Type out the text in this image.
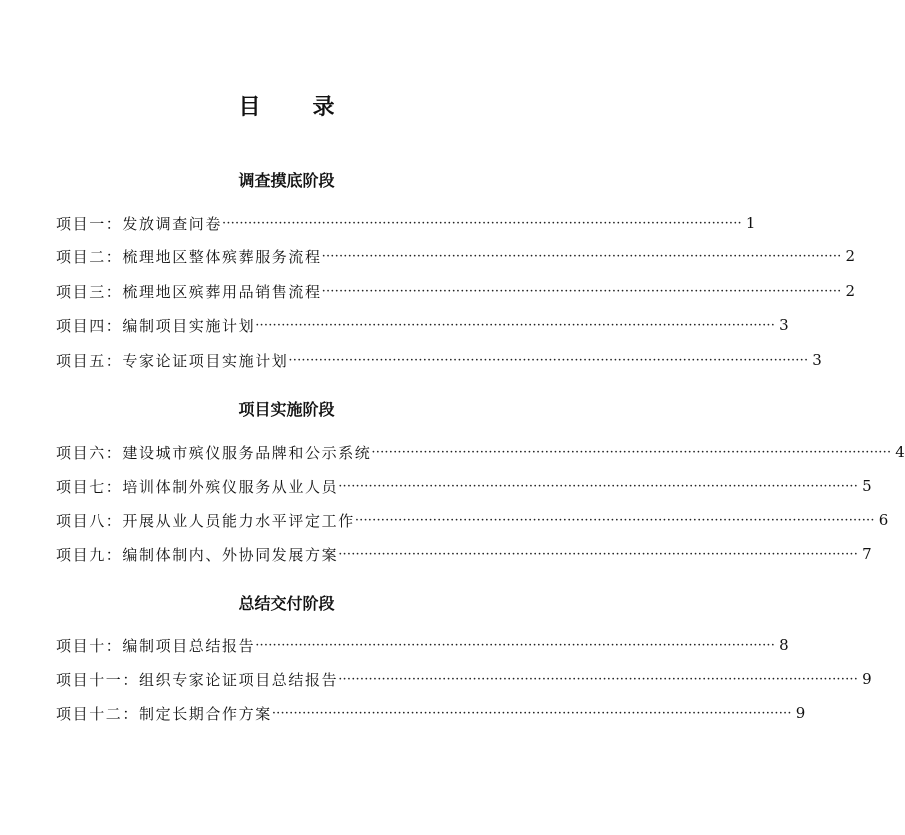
目 录
调查摸底阶段
项目一：发放调查问卷 ························································································································ 1
项目二：梳理地区整体殡葬服务流程 ························································································································ 2
项目三：梳理地区殡葬用品销售流程 ························································································································ 2
项目四：编制项目实施计划 ························································································································ 3
项目五：专家论证项目实施计划 ························································································································ 3
项目实施阶段
项目六：建设城市殡仪服务品牌和公示系统 ························································································································ 4
项目七：培训体制外殡仪服务从业人员 ························································································································ 5
项目八：开展从业人员能力水平评定工作 ························································································································ 6
项目九：编制体制内、外协同发展方案 ························································································································ 7
总结交付阶段
项目十：编制项目总结报告 ························································································································ 8
项目十一：组织专家论证项目总结报告 ························································································································ 9
项目十二：制定长期合作方案 ························································································································ 9
